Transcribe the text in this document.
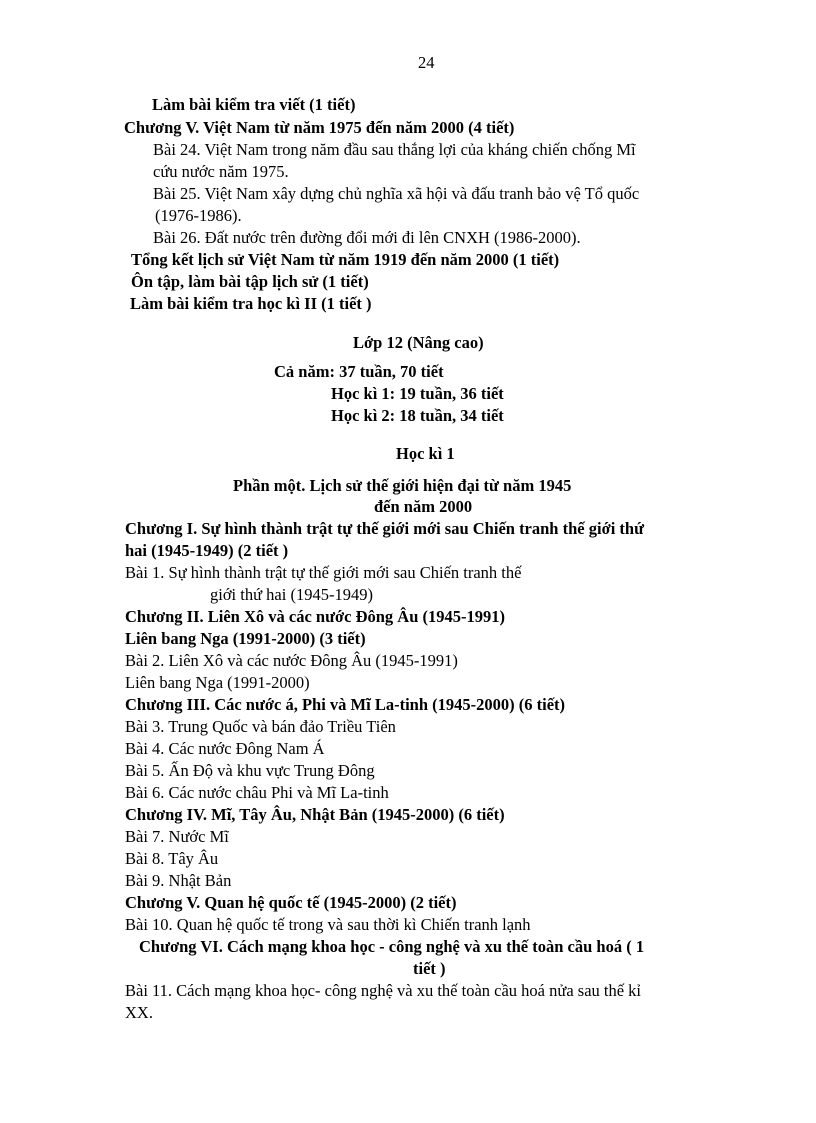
24
Làm bài kiểm tra viết (1 tiết)
Chương V. Việt Nam từ năm 1975 đến năm 2000 (4 tiết)
Bài 24. Việt Nam trong năm đầu sau thắng lợi của kháng chiến chống Mĩ
cứu nước năm 1975.
Bài 25. Việt Nam xây dựng chủ nghĩa xã hội và đấu tranh bảo vệ Tổ quốc
(1976-1986).
Bài 26. Đất nước trên đường đổi mới đi lên CNXH (1986-2000).
Tổng kết lịch sử Việt Nam từ năm 1919 đến năm 2000 (1 tiết)
Ôn tập, làm bài tập lịch sử (1 tiết)
Làm bài kiểm tra học kì II (1 tiết )
Lớp 12 (Nâng cao)
Cả năm: 37 tuần, 70 tiết
Học kì 1: 19 tuần, 36 tiết
Học kì 2: 18 tuần, 34 tiết
Học kì 1
Phần một. Lịch sử thế giới hiện đại từ năm 1945
đến năm 2000
Chương I. Sự hình thành trật tự thế giới mới sau Chiến tranh thế giới thứ
hai (1945-1949) (2 tiết )
Bài 1. Sự hình thành trật tự thế giới mới sau Chiến tranh thế
giới thứ hai (1945-1949)
Chương II. Liên Xô và các nước Đông Âu (1945-1991)
Liên bang Nga (1991-2000) (3 tiết)
Bài 2. Liên Xô và các nước Đông Âu (1945-1991)
Liên bang Nga (1991-2000)
Chương III. Các nước á, Phi và Mĩ La-tinh (1945-2000) (6 tiết)
Bài 3. Trung Quốc và bán đảo Triều Tiên
Bài 4. Các nước Đông Nam Á
Bài 5. Ấn Độ và khu vực Trung Đông
Bài 6. Các nước châu Phi và Mĩ La-tinh
Chương IV. Mĩ, Tây Âu, Nhật Bản (1945-2000) (6 tiết)
Bài 7. Nước Mĩ
Bài 8. Tây Âu
Bài 9. Nhật Bản
Chương V. Quan hệ quốc tế (1945-2000) (2 tiết)
Bài 10. Quan hệ quốc tế trong và sau thời kì Chiến tranh lạnh
Chương VI. Cách mạng khoa học - công nghệ và xu thế toàn cầu hoá ( 1
tiết )
Bài 11. Cách mạng khoa học- công nghệ và xu thế toàn cầu hoá nửa sau thế kỉ
XX.
